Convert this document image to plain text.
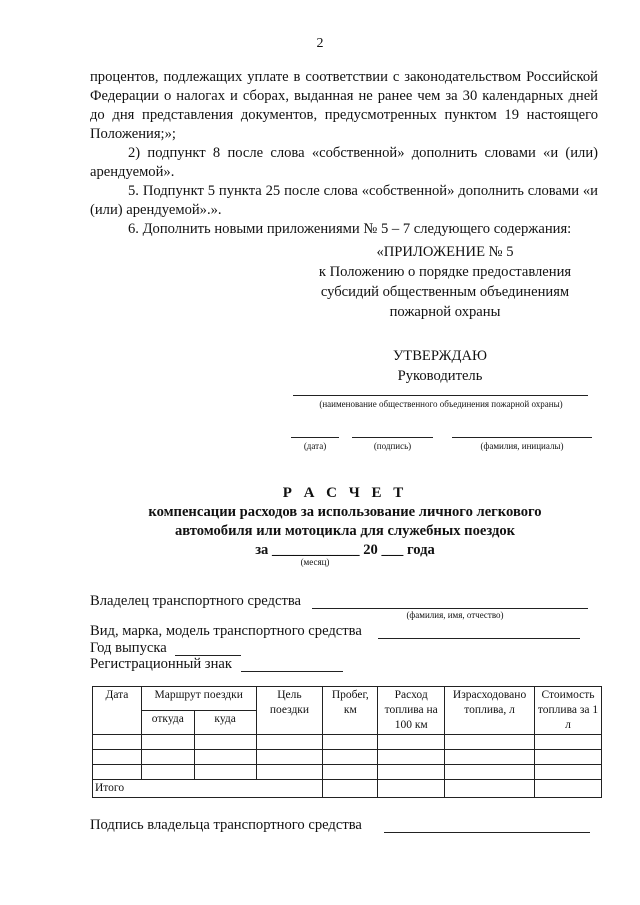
2

процентов, подлежащих уплате в соответствии с законодательством Российской Федерации о налогах и сборах, выданная не ранее чем за 30 календарных дней до дня представления документов, предусмотренных пунктом 19 настоящего Положения;»;

2) подпункт 8 после слова «собственной» дополнить словами «и (или) арендуемой».

5. Подпункт 5 пункта 25 после слова «собственной» дополнить словами «и (или) арендуемой».».

6. Дополнить новыми приложениями № 5 – 7 следующего содержания:

«ПРИЛОЖЕНИЕ № 5
к Положению о порядке предоставления
субсидий общественным объединениям
пожарной охраны
УТВЕРЖДАЮ
Руководитель
(наименование общественного объединения пожарной охраны)
(дата)	(подпись)	(фамилия, инициалы)
Р А С Ч Е Т
компенсации расходов за использование личного легкового
автомобиля или мотоцикла для служебных поездок
за ____________ 20 ___ года
(месяц)
Владелец транспортного средства
(фамилия, имя, отчество)
Вид, марка, модель транспортного средства
Год выпуска
Регистрационный знак
Дата	Маршрут поездки		Цель поездки	Пробег, км	Расход топлива на 100 км	Израсходовано топлива, л	Стоимость топлива за 1 л
	откуда	куда					

Итого							
Подпись владельца транспортного средства
